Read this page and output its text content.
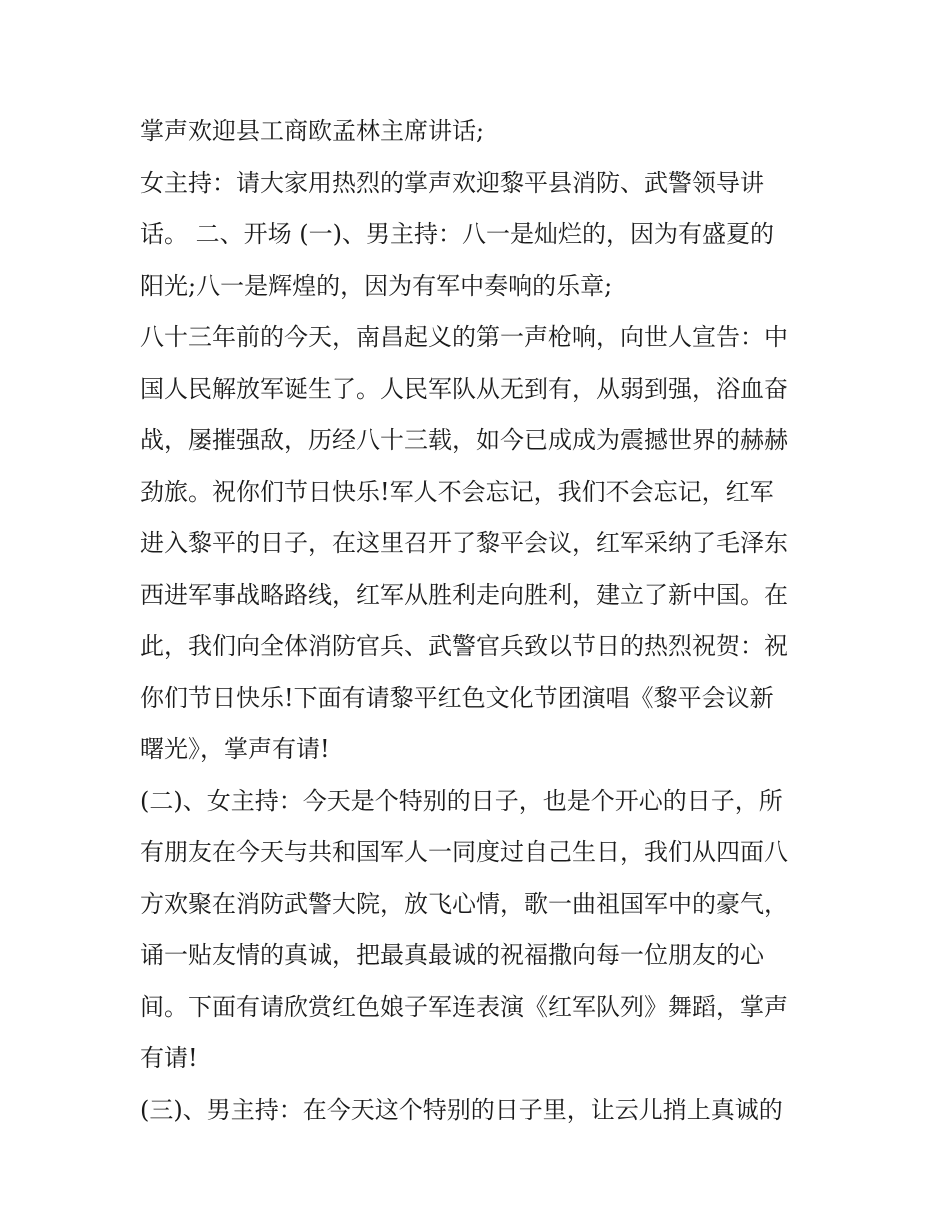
掌声欢迎县工商欧孟林主席讲话;

女主持：请大家用热烈的掌声欢迎黎平县消防、武警领导讲

话。 二、开场 (一)、男主持：八一是灿烂的，因为有盛夏的

阳光;八一是辉煌的，因为有军中奏响的乐章;

八十三年前的今天，南昌起义的第一声枪响，向世人宣告：中

国人民解放军诞生了。人民军队从无到有，从弱到强，浴血奋

战，屡摧强敌，历经八十三载，如今已成成为震撼世界的赫赫

劲旅。祝你们节日快乐!军人不会忘记，我们不会忘记，红军

进入黎平的日子，在这里召开了黎平会议，红军采纳了毛泽东

西进军事战略路线，红军从胜利走向胜利，建立了新中国。在

此，我们向全体消防官兵、武警官兵致以节日的热烈祝贺：祝

你们节日快乐!下面有请黎平红色文化节团演唱《黎平会议新

曙光》，掌声有请!

(二)、女主持：今天是个特别的日子，也是个开心的日子，所

有朋友在今天与共和国军人一同度过自己生日，我们从四面八

方欢聚在消防武警大院，放飞心情，歌一曲祖国军中的豪气，

诵一贴友情的真诚，把最真最诚的祝福撒向每一位朋友的心

间。下面有请欣赏红色娘子军连表演《红军队列》舞蹈，掌声

有请!

(三)、男主持：在今天这个特别的日子里，让云儿捎上真诚的
